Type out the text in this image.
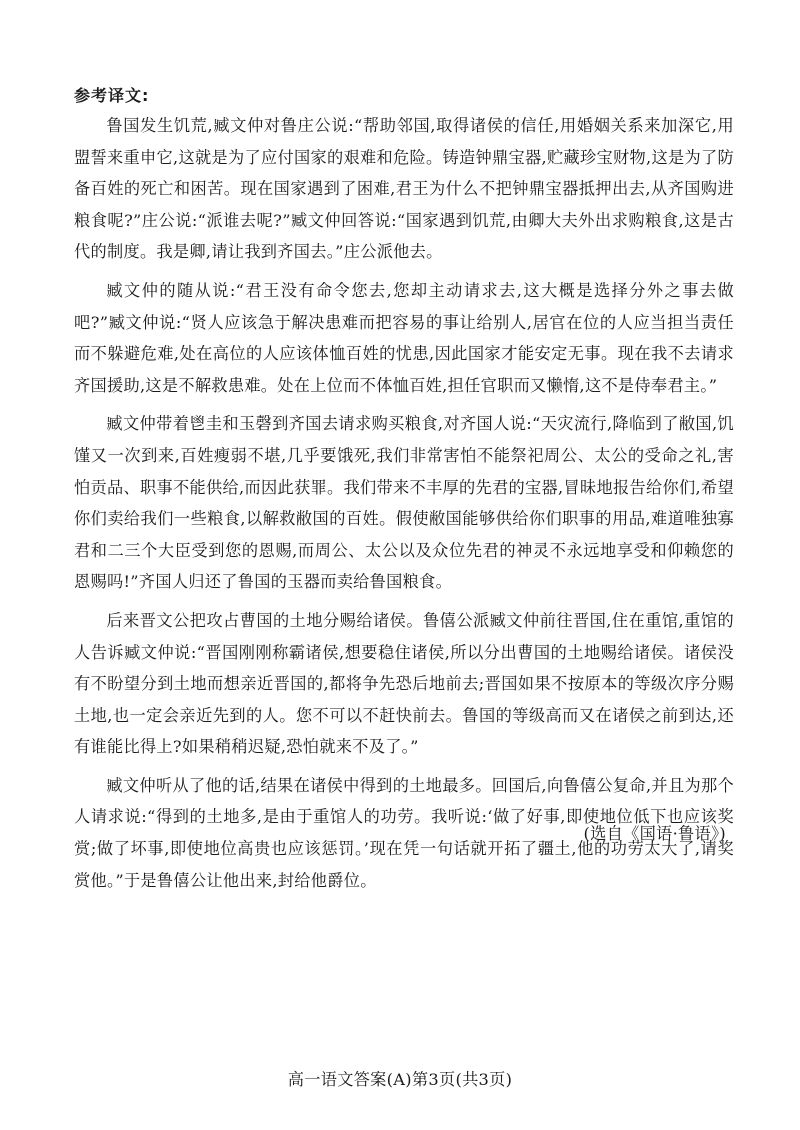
参考译文:

鲁国发生饥荒,臧文仲对鲁庄公说:“帮助邻国,取得诸侯的信任,用婚姻关系来加深它,用盟誓来重申它,这就是为了应付国家的艰难和危险。铸造钟鼎宝器,贮藏珍宝财物,这是为了防备百姓的死亡和困苦。现在国家遇到了困难,君王为什么不把钟鼎宝器抵押出去,从齐国购进粮食呢?”庄公说:“派谁去呢?”臧文仲回答说:“国家遇到饥荒,由卿大夫外出求购粮食,这是古代的制度。我是卿,请让我到齐国去。”庄公派他去。

臧文仲的随从说:“君王没有命令您去,您却主动请求去,这大概是选择分外之事去做吧?”臧文仲说:“贤人应该急于解决患难而把容易的事让给别人,居官在位的人应当担当责任而不躲避危难,处在高位的人应该体恤百姓的忧患,因此国家才能安定无事。现在我不去请求齐国援助,这是不解救患难。处在上位而不体恤百姓,担任官职而又懒惰,这不是侍奉君主。”

臧文仲带着鬯圭和玉磬到齐国去请求购买粮食,对齐国人说:“天灾流行,降临到了敝国,饥馑又一次到来,百姓瘦弱不堪,几乎要饿死,我们非常害怕不能祭祀周公、太公的受命之礼,害怕贡品、职事不能供给,而因此获罪。我们带来不丰厚的先君的宝器,冒昧地报告给你们,希望你们卖给我们一些粮食,以解救敝国的百姓。假使敝国能够供给你们职事的用品,难道唯独寡君和二三个大臣受到您的恩赐,而周公、太公以及众位先君的神灵不永远地享受和仰赖您的恩赐吗!”齐国人归还了鲁国的玉器而卖给鲁国粮食。

后来晋文公把攻占曹国的土地分赐给诸侯。鲁僖公派臧文仲前往晋国,住在重馆,重馆的人告诉臧文仲说:“晋国刚刚称霸诸侯,想要稳住诸侯,所以分出曹国的土地赐给诸侯。诸侯没有不盼望分到土地而想亲近晋国的,都将争先恐后地前去;晋国如果不按原本的等级次序分赐土地,也一定会亲近先到的人。您不可以不赶快前去。鲁国的等级高而又在诸侯之前到达,还有谁能比得上?如果稍稍迟疑,恐怕就来不及了。”

臧文仲听从了他的话,结果在诸侯中得到的土地最多。回国后,向鲁僖公复命,并且为那个人请求说:“得到的土地多,是由于重馆人的功劳。我听说:‘做了好事,即使地位低下也应该奖赏;做了坏事,即使地位高贵也应该惩罚。’现在凭一句话就开拓了疆土,他的功劳太大了,请奖赏他。”于是鲁僖公让他出来,封给他爵位。

(选自《国语·鲁语》)
高一语文答案(A)第3页(共3页)
